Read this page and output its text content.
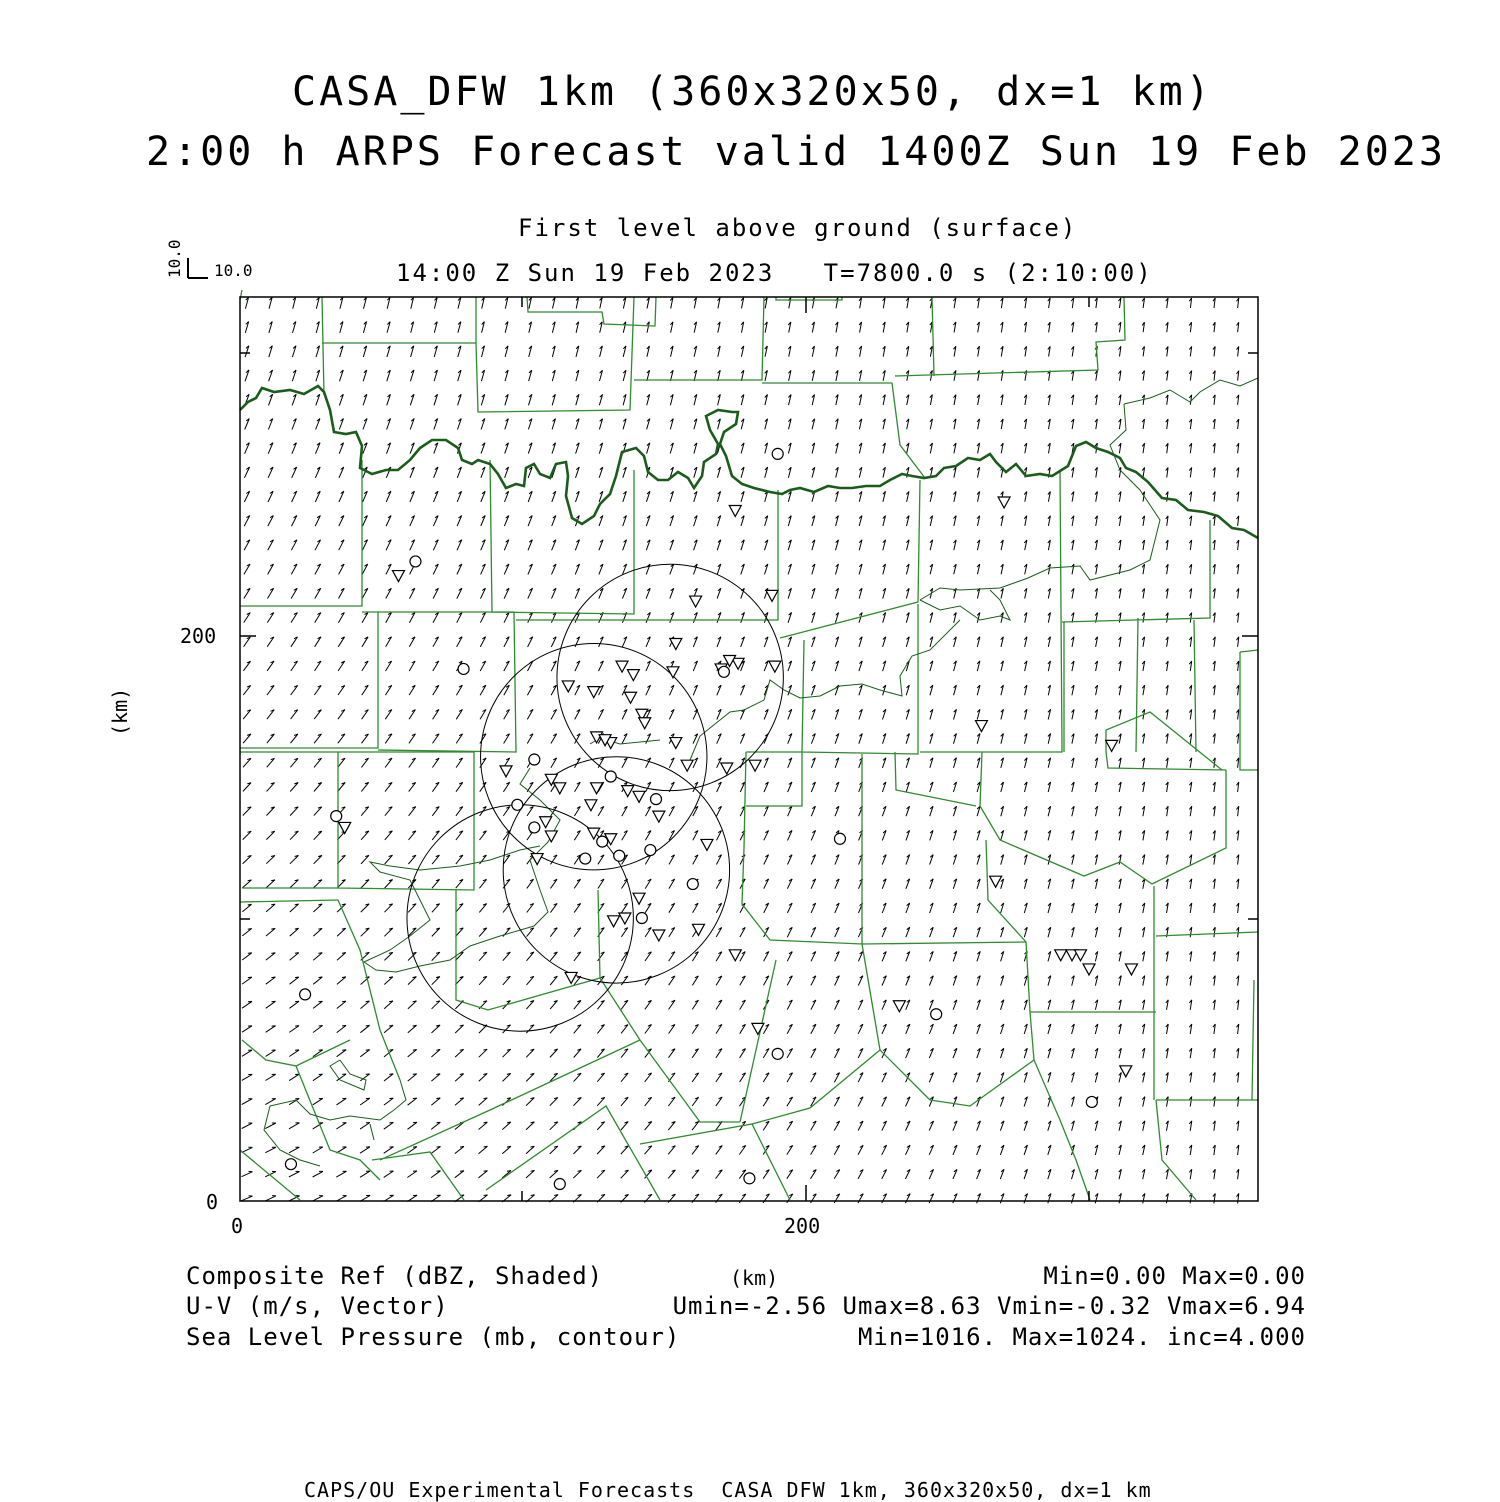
CASA_DFW 1km (360x320x50, dx=1 km)
2:00 h ARPS Forecast valid 1400Z Sun 19 Feb 2023
First level above ground (surface)
14:00 Z Sun 19 Feb 2023   T=7800.0 s (2:10:00)
10.0 10.0
200
0
0	200
(km)
(km)
Composite Ref (dBZ, Shaded)	Min=0.00 Max=0.00
U-V (m/s, Vector)	Umin=-2.56 Umax=8.63 Vmin=-0.32 Vmax=6.94
Sea Level Pressure (mb, contour)	Min=1016. Max=1024. inc=4.000
CAPS/OU Experimental Forecasts  CASA DFW 1km, 360x320x50, dx=1 km
